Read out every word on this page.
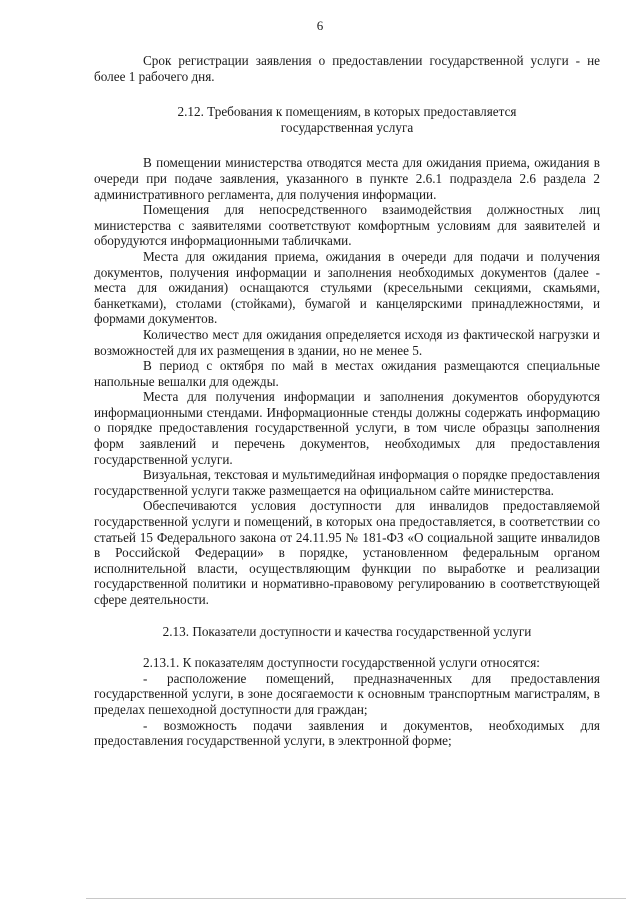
6

Срок регистрации заявления о предоставлении государственной услуги - не более 1 рабочего дня.

2.12. Требования к помещениям, в которых предоставляется государственная услуга

В помещении министерства отводятся места для ожидания приема, ожидания в очереди при подаче заявления, указанного в пункте 2.6.1 подраздела 2.6 раздела 2 административного регламента, для получения информации.

Помещения для непосредственного взаимодействия должностных лиц министерства с заявителями соответствуют комфортным условиям для заявителей и оборудуются информационными табличками.

Места для ожидания приема, ожидания в очереди для подачи и получения документов, получения информации и заполнения необходимых документов (далее - места для ожидания) оснащаются стульями (кресельными секциями, скамьями, банкетками), столами (стойками), бумагой и канцелярскими принадлежностями, и формами документов.

Количество мест для ожидания определяется исходя из фактической нагрузки и возможностей для их размещения в здании, но не менее 5.

В период с октября по май в местах ожидания размещаются специальные напольные вешалки для одежды.

Места для получения информации и заполнения документов оборудуются информационными стендами. Информационные стенды должны содержать информацию о порядке предоставления государственной услуги, в том числе образцы заполнения форм заявлений и перечень документов, необходимых для предоставления государственной услуги.

Визуальная, текстовая и мультимедийная информация о порядке предоставления государственной услуги также размещается на официальном сайте министерства.

Обеспечиваются условия доступности для инвалидов предоставляемой государственной услуги и помещений, в которых она предоставляется, в соответствии со статьей 15 Федерального закона от 24.11.95 № 181-ФЗ «О социальной защите инвалидов в Российской Федерации» в порядке, установленном федеральным органом исполнительной власти, осуществляющим функции по выработке и реализации государственной политики и нормативно-правовому регулированию в соответствующей сфере деятельности.

2.13. Показатели доступности и качества государственной услуги

2.13.1. К показателям доступности государственной услуги относятся:

- расположение помещений, предназначенных для предоставления государственной услуги, в зоне досягаемости к основным транспортным магистралям, в пределах пешеходной доступности для граждан;

- возможность подачи заявления и документов, необходимых для предоставления государственной услуги, в электронной форме;
